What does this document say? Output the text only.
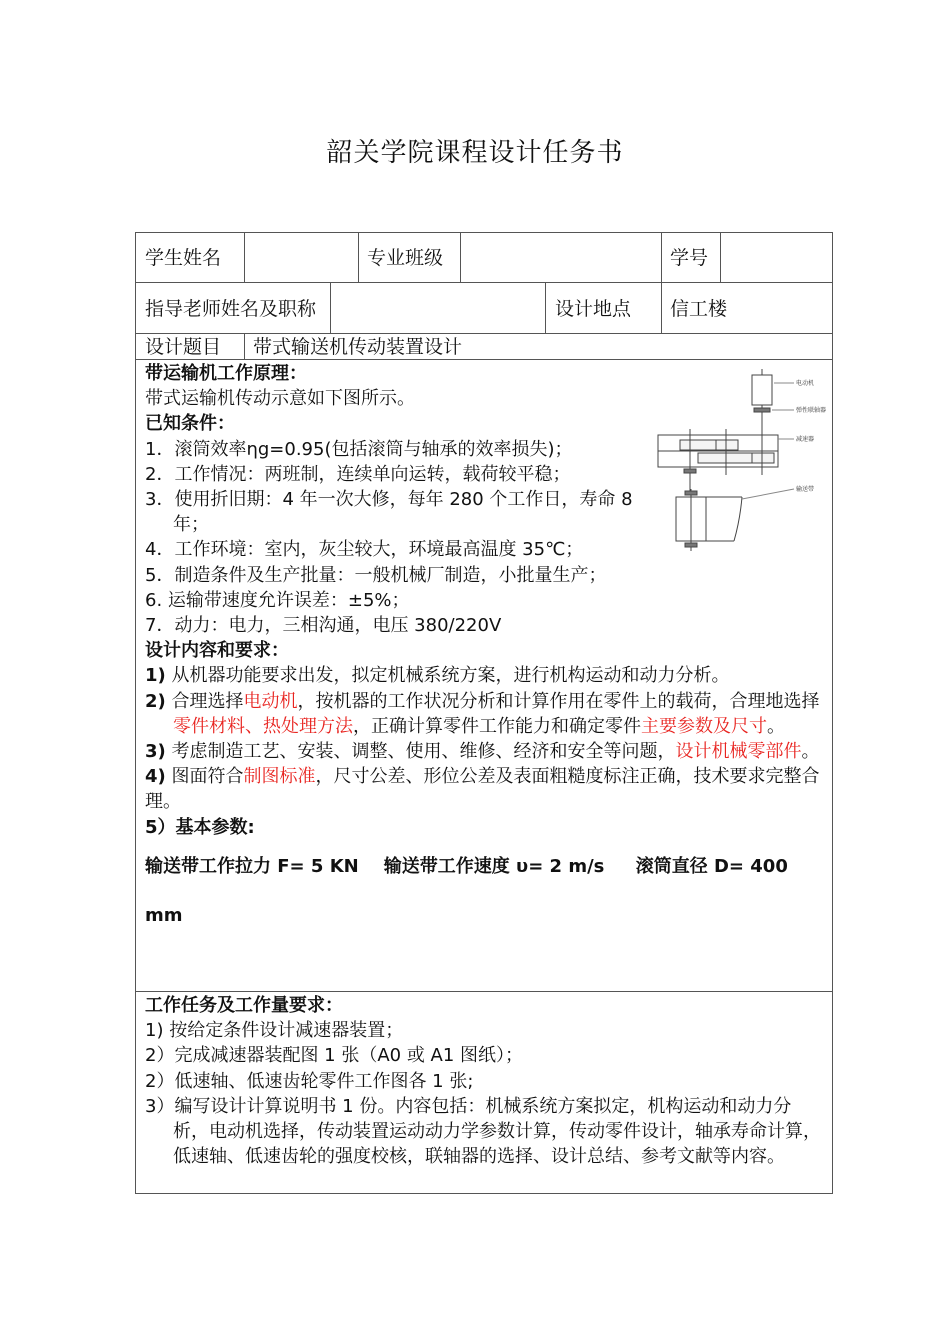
韶关学院课程设计任务书
学生姓名	专业班级	学号
指导老师姓名及职称	设计地点 信工楼
设计题目 带式输送机传动装置设计

带运输机工作原理：

带式运输机传动示意如下图所示。

已知条件：

1．滚筒效率ηg=0.95(包括滚筒与轴承的效率损失)；

2．工作情况：两班制，连续单向运转，载荷较平稳；

3．使用折旧期：4 年一次大修，每年 280 个工作日，寿命 8 年；

4．工作环境：室内，灰尘较大，环境最高温度 35℃；

5．制造条件及生产批量：一般机械厂制造，小批量生产；

6. 运输带速度允许误差：±5%；

7．动力：电力，三相沟通，电压 380/220V

设计内容和要求：

1) 从机器功能要求出发，拟定机械系统方案，进行机构运动和动力分析。

2) 合理选择电动机，按机器的工作状况分析和计算作用在零件上的载荷，合理地选择零件材料、热处理方法，正确计算零件工作能力和确定零件主要参数及尺寸。

3) 考虑制造工艺、安装、调整、使用、维修、经济和安全等问题，设计机械零部件。

4) 图面符合制图标准，尺寸公差、形位公差及表面粗糙度标注正确，技术要求完整合理。

5）基本参数:

输送带工作拉力 F= 5 KN    输送带工作速度 υ= 2 m/s     滚筒直径 D= 400

mm

电动机
弹性联轴器
减速器
输送带

工作任务及工作量要求：

1) 按给定条件设计减速器装置；

2）完成减速器装配图 1 张（A0 或 A1 图纸）；

2）低速轴、低速齿轮零件工作图各 1 张;

3）编写设计计算说明书 1 份。内容包括：机械系统方案拟定，机构运动和动力分析，电动机选择，传动装置运动动力学参数计算，传动零件设计，轴承寿命计算，低速轴、低速齿轮的强度校核，联轴器的选择、设计总结、参考文献等内容。
